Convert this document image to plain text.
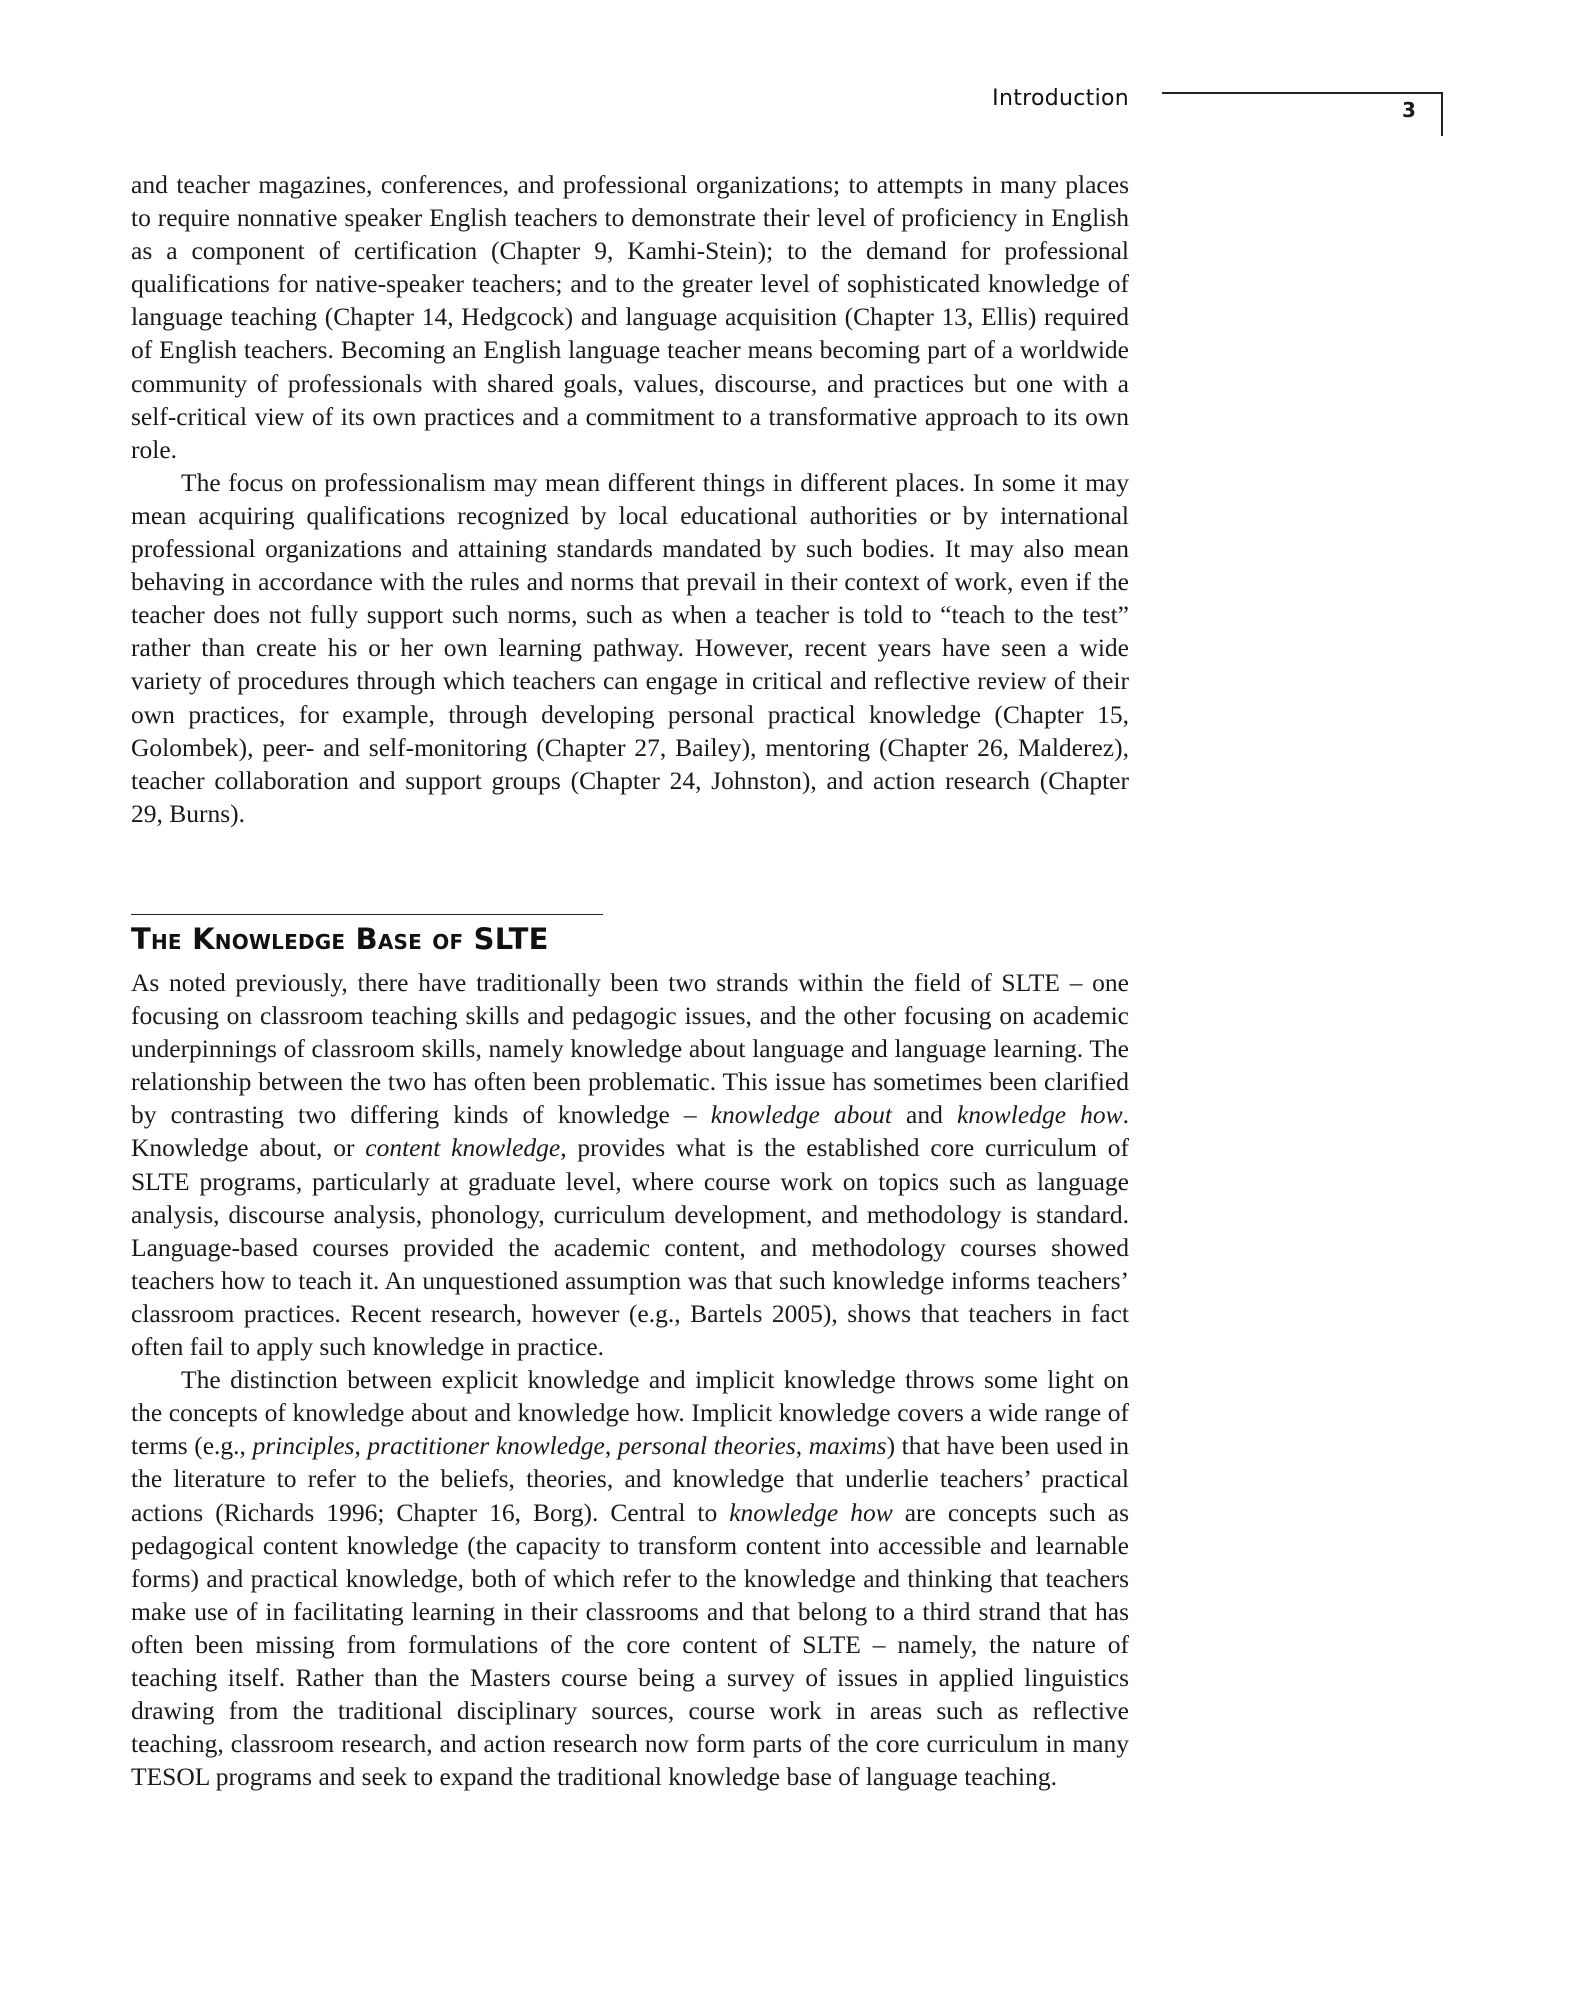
Introduction	3

and teacher magazines, conferences, and professional organizations; to attempts in many places to require nonnative speaker English teachers to demonstrate their level of proficiency in English as a component of certification (Chapter 9, Kamhi-Stein); to the demand for professional qualifications for native-speaker teachers; and to the greater level of sophisticated knowledge of language teaching (Chapter 14, Hedgcock) and language acquisition (Chapter 13, Ellis) required of English teachers. Becoming an English language teacher means becoming part of a worldwide community of professionals with shared goals, values, discourse, and practices but one with a self-critical view of its own practices and a commitment to a transformative approach to its own role.

The focus on professionalism may mean different things in different places. In some it may mean acquiring qualifications recognized by local educational authorities or by international professional organizations and attaining standards mandated by such bodies. It may also mean behaving in accordance with the rules and norms that prevail in their context of work, even if the teacher does not fully support such norms, such as when a teacher is told to “teach to the test” rather than create his or her own learning pathway. However, recent years have seen a wide variety of procedures through which teachers can engage in critical and reflective review of their own practices, for example, through developing personal practical knowledge (Chapter 15, Golombek), peer- and self-monitoring (Chapter 27, Bailey), mentoring (Chapter 26, Malderez), teacher collaboration and support groups (Chapter 24, Johnston), and action research (Chapter 29, Burns).

The Knowledge Base of SLTE

As noted previously, there have traditionally been two strands within the field of SLTE – one focusing on classroom teaching skills and pedagogic issues, and the other focusing on academic underpinnings of classroom skills, namely knowledge about language and language learning. The relationship between the two has often been problematic. This issue has sometimes been clarified by contrasting two differing kinds of knowledge – knowledge about and knowledge how. Knowledge about, or content knowledge, provides what is the established core curriculum of SLTE programs, particularly at graduate level, where course work on topics such as language analysis, discourse analysis, phonology, curriculum development, and methodology is standard. Language-based courses provided the academic content, and methodology courses showed teachers how to teach it. An unquestioned assumption was that such knowledge informs teachers’ classroom practices. Recent research, however (e.g., Bartels 2005), shows that teachers in fact often fail to apply such knowledge in practice.

The distinction between explicit knowledge and implicit knowledge throws some light on the concepts of knowledge about and knowledge how. Implicit knowledge covers a wide range of terms (e.g., principles, practitioner knowledge, personal theories, maxims) that have been used in the literature to refer to the beliefs, theories, and knowledge that underlie teachers’ practical actions (Richards 1996; Chapter 16, Borg). Central to knowledge how are concepts such as pedagogical content knowledge (the capacity to transform content into accessible and learnable forms) and practical knowledge, both of which refer to the knowledge and thinking that teachers make use of in facilitating learning in their classrooms and that belong to a third strand that has often been missing from formulations of the core content of SLTE – namely, the nature of teaching itself. Rather than the Masters course being a survey of issues in applied linguistics drawing from the traditional disciplinary sources, course work in areas such as reflective teaching, classroom research, and action research now form parts of the core curriculum in many TESOL programs and seek to expand the traditional knowledge base of language teaching.
